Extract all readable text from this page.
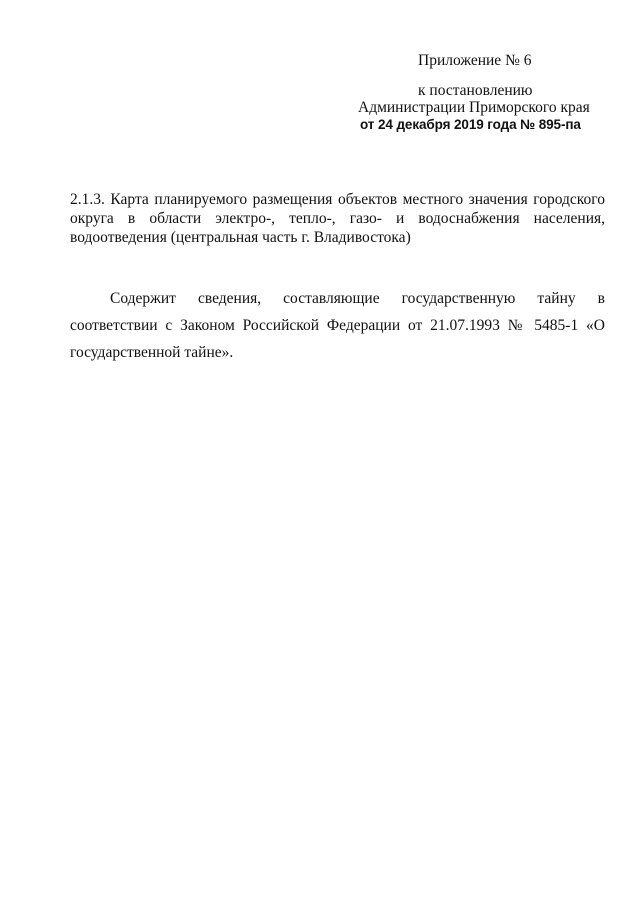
Приложение № 6
к постановлению
Администрации Приморского края
от 24 декабря 2019 года № 895-па
2.1.3. Карта планируемого размещения объектов местного значения городского округа в области электро-, тепло-, газо- и водоснабжения населения, водоотведения (центральная часть г. Владивостока)
Содержит сведения, составляющие государственную тайну в соответствии с Законом Российской Федерации от 21.07.1993 № 5485-1 «О государственной тайне».
